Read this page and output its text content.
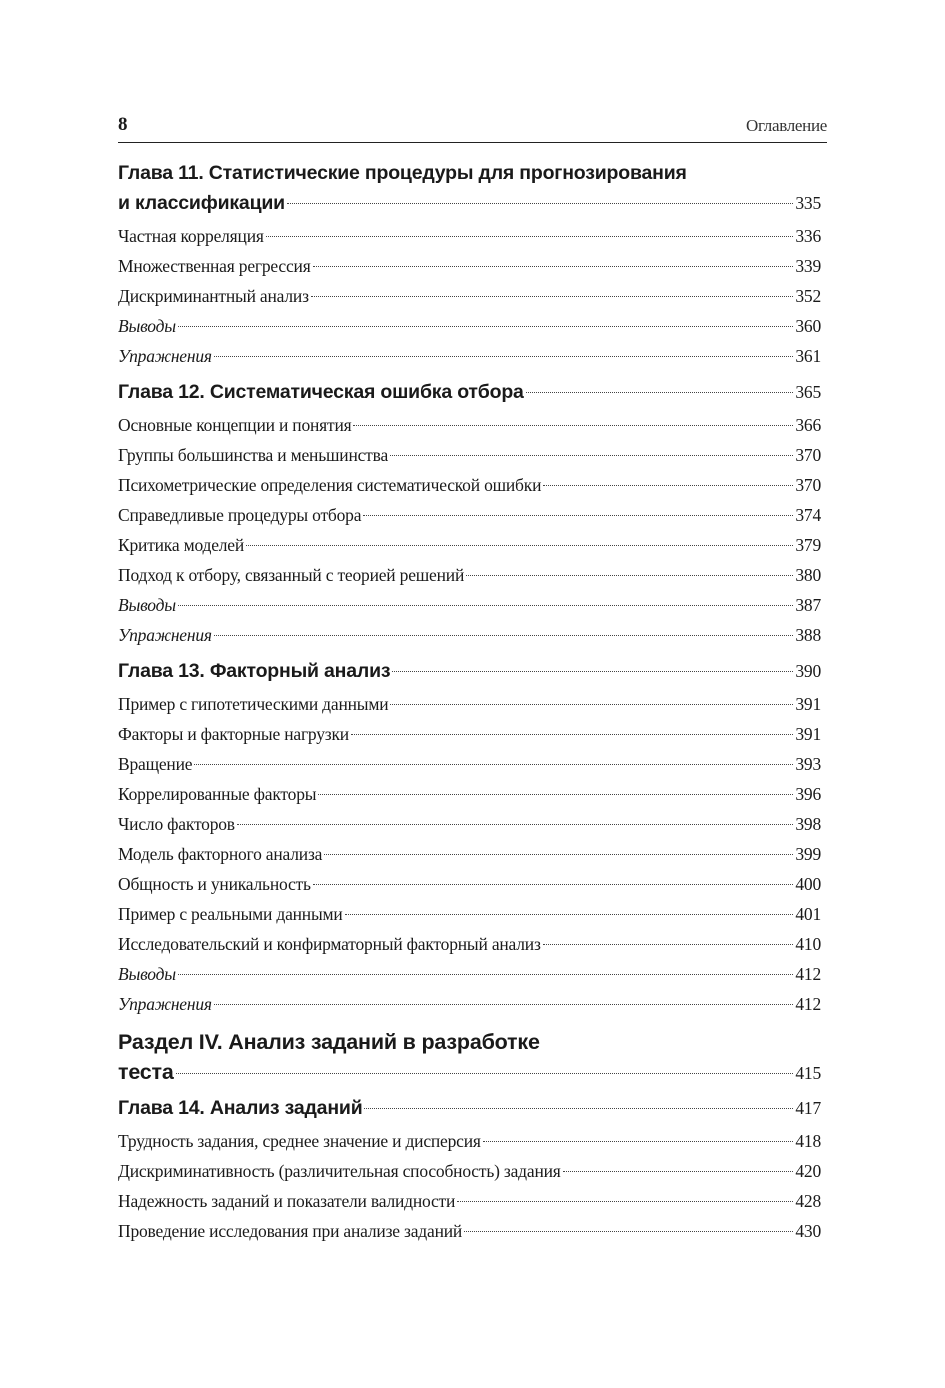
8	Оглавление
Глава 11. Статистические процедуры для прогнозирования
и классификации	335
Частная корреляция	336
Множественная регрессия	339
Дискриминантный анализ	352
Выводы	360
Упражнения	361
Глава 12. Систематическая ошибка отбора	365
Основные концепции и понятия	366
Группы большинства и меньшинства	370
Психометрические определения систематической ошибки	370
Справедливые процедуры отбора	374
Критика моделей	379
Подход к отбору, связанный с теорией решений	380
Выводы	387
Упражнения	388
Глава 13. Факторный анализ	390
Пример с гипотетическими данными	391
Факторы и факторные нагрузки	391
Вращение	393
Коррелированные факторы	396
Число факторов	398
Модель факторного анализа	399
Общность и уникальность	400
Пример с реальными данными	401
Исследовательский и конфирматорный факторный анализ	410
Выводы	412
Упражнения	412
Раздел IV. Анализ заданий в разработке
теста	415
Глава 14. Анализ заданий	417
Трудность задания, среднее значение и дисперсия	418
Дискриминативность (различительная способность) задания	420
Надежность заданий и показатели валидности	428
Проведение исследования при анализе заданий	430
